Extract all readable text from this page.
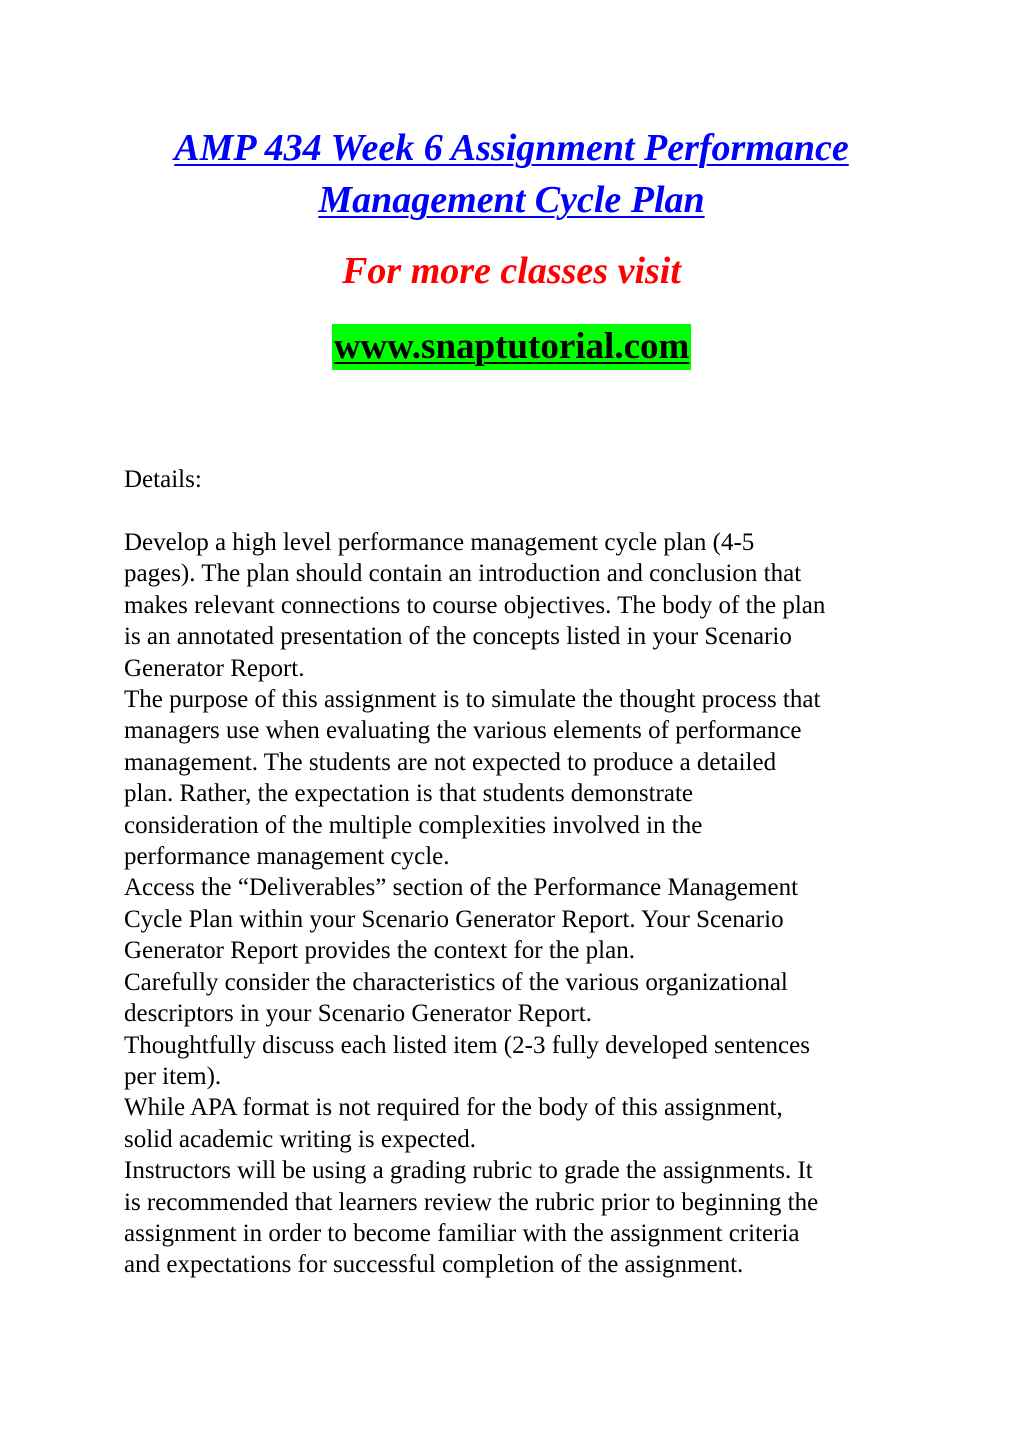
AMP 434 Week 6 Assignment Performance
Management Cycle Plan

For more classes visit

www.snaptutorial.com

Details:

Develop a high level performance management cycle plan (4-5
pages). The plan should contain an introduction and conclusion that
makes relevant connections to course objectives. The body of the plan
is an annotated presentation of the concepts listed in your Scenario
Generator Report.
The purpose of this assignment is to simulate the thought process that
managers use when evaluating the various elements of performance
management. The students are not expected to produce a detailed
plan. Rather, the expectation is that students demonstrate
consideration of the multiple complexities involved in the
performance management cycle.
Access the “Deliverables” section of the Performance Management
Cycle Plan within your Scenario Generator Report. Your Scenario
Generator Report provides the context for the plan.
Carefully consider the characteristics of the various organizational
descriptors in your Scenario Generator Report.
Thoughtfully discuss each listed item (2-3 fully developed sentences
per item).
While APA format is not required for the body of this assignment,
solid academic writing is expected.
Instructors will be using a grading rubric to grade the assignments. It
is recommended that learners review the rubric prior to beginning the
assignment in order to become familiar with the assignment criteria
and expectations for successful completion of the assignment.
